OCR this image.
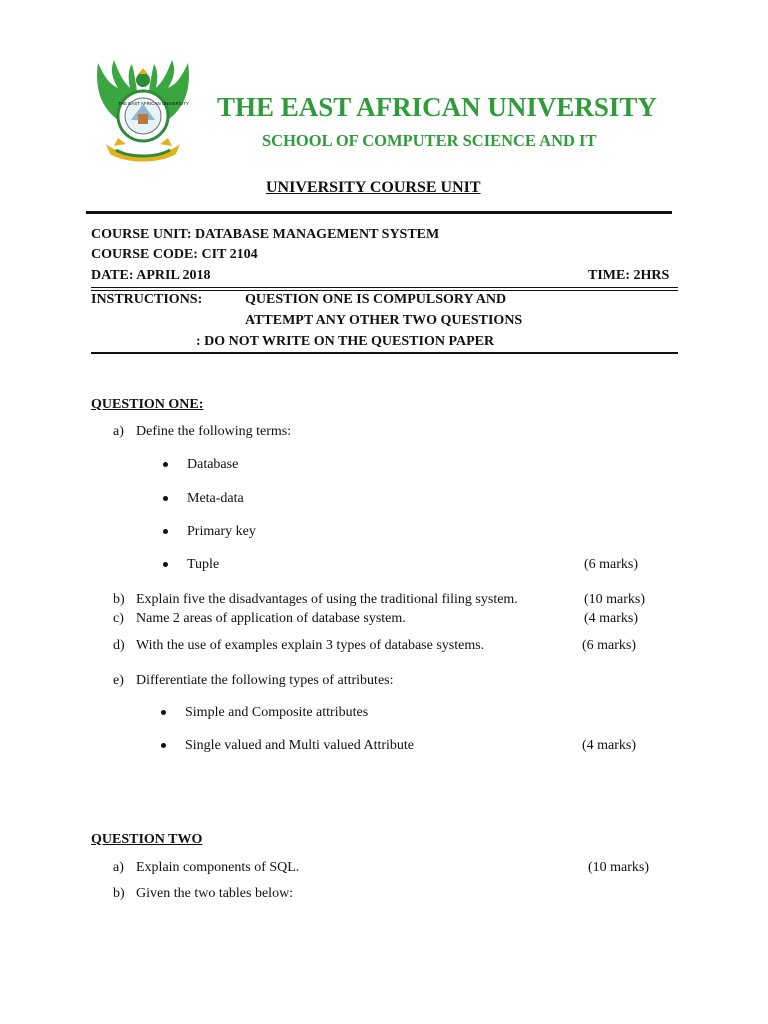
THE EAST AFRICAN UNIVERSITY THE EAST AFRICAN UNIVERSITY
SCHOOL OF COMPUTER SCIENCE AND IT
UNIVERSITY COURSE UNIT
COURSE UNIT: DATABASE MANAGEMENT SYSTEM
COURSE CODE: CIT 2104
DATE: APRIL 2018	TIME: 2HRS
INSTRUCTIONS:	QUESTION ONE IS COMPULSORY AND
ATTEMPT ANY OTHER TWO QUESTIONS
: DO NOT WRITE ON THE QUESTION PAPER
QUESTION ONE:
a) Define the following terms:
Database
Meta-data
Primary key
Tuple	(6 marks)
b) Explain five the disadvantages of using the traditional filing system.	(10 marks)
c) Name 2 areas of application of database system.	(4 marks)
d) With the use of examples explain 3 types of database systems.	(6 marks)
e) Differentiate the following types of attributes:
Simple and Composite attributes
Single valued and Multi valued Attribute	(4 marks)
QUESTION TWO
a) Explain components of SQL.	(10 marks)
b) Given the two tables below:
